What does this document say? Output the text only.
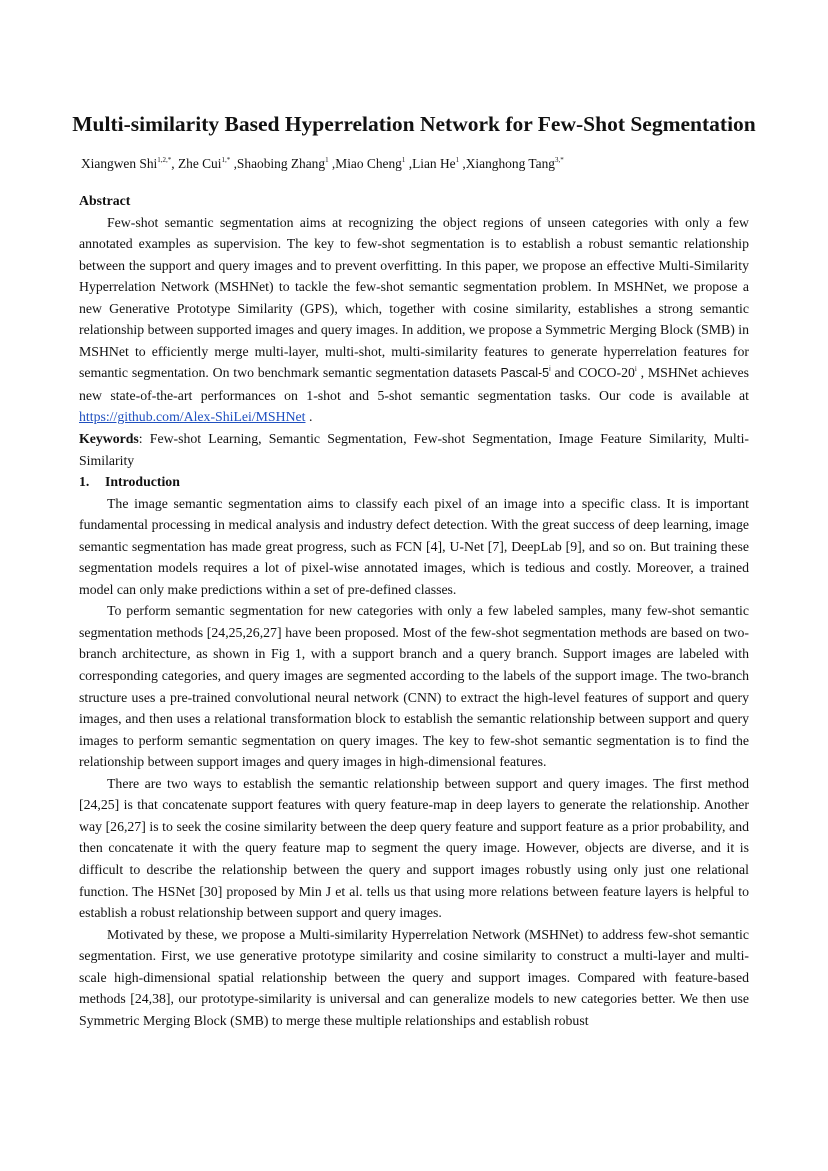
Multi-similarity Based Hyperrelation Network for Few-Shot Segmentation
Xiangwen Shi$^{1,2,*}$, Zhe Cui$^{1,*}$ ,Shaobing Zhang$^1$ ,Miao Cheng$^1$ ,Lian He$^1$ ,Xianghong Tang$^{3,*}$
Abstract

Few-shot semantic segmentation aims at recognizing the object regions of unseen categories with only a few annotated examples as supervision. The key to few-shot segmentation is to establish a robust semantic relationship between the support and query images and to prevent overfitting. In this paper, we propose an effective Multi-Similarity Hyperrelation Network (MSHNet) to tackle the few-shot semantic segmentation problem. In MSHNet, we propose a new Generative Prototype Similarity (GPS), which, together with cosine similarity, establishes a strong semantic relationship between supported images and query images. In addition, we propose a Symmetric Merging Block (SMB) in MSHNet to efficiently merge multi-layer, multi-shot, multi-similarity features to generate hyperrelation features for semantic segmentation. On two benchmark semantic segmentation datasets Pascal-5$^i$ and COCO-20$^i$ , MSHNet achieves new state-of-the-art performances on 1-shot and 5-shot semantic segmentation tasks. Our code is available at https://github.com/Alex-ShiLei/MSHNet .

Keywords: Few-shot Learning, Semantic Segmentation, Few-shot Segmentation, Image Feature Similarity, Multi-Similarity

1. Introduction

The image semantic segmentation aims to classify each pixel of an image into a specific class. It is important fundamental processing in medical analysis and industry defect detection. With the great success of deep learning, image semantic segmentation has made great progress, such as FCN [4], U-Net [7], DeepLab [9], and so on. But training these segmentation models requires a lot of pixel-wise annotated images, which is tedious and costly. Moreover, a trained model can only make predictions within a set of pre-defined classes.

To perform semantic segmentation for new categories with only a few labeled samples, many few-shot semantic segmentation methods [24,25,26,27] have been proposed. Most of the few-shot segmentation methods are based on two-branch architecture, as shown in Fig 1, with a support branch and a query branch. Support images are labeled with corresponding categories, and query images are segmented according to the labels of the support image. The two-branch structure uses a pre-trained convolutional neural network (CNN) to extract the high-level features of support and query images, and then uses a relational transformation block to establish the semantic relationship between support and query images to perform semantic segmentation on query images. The key to few-shot semantic segmentation is to find the relationship between support images and query images in high-dimensional features.

There are two ways to establish the semantic relationship between support and query images. The first method [24,25] is that concatenate support features with query feature-map in deep layers to generate the relationship. Another way [26,27] is to seek the cosine similarity between the deep query feature and support feature as a prior probability, and then concatenate it with the query feature map to segment the query image. However, objects are diverse, and it is difficult to describe the relationship between the query and support images robustly using only just one relational function. The HSNet [30] proposed by Min J et al. tells us that using more relations between feature layers is helpful to establish a robust relationship between support and query images.

Motivated by these, we propose a Multi-similarity Hyperrelation Network (MSHNet) to address few-shot semantic segmentation. First, we use generative prototype similarity and cosine similarity to construct a multi-layer and multi-scale high-dimensional spatial relationship between the query and support images. Compared with feature-based methods [24,38], our prototype-similarity is universal and can generalize models to new categories better. We then use Symmetric Merging Block (SMB) to merge these multiple relationships and establish robust
